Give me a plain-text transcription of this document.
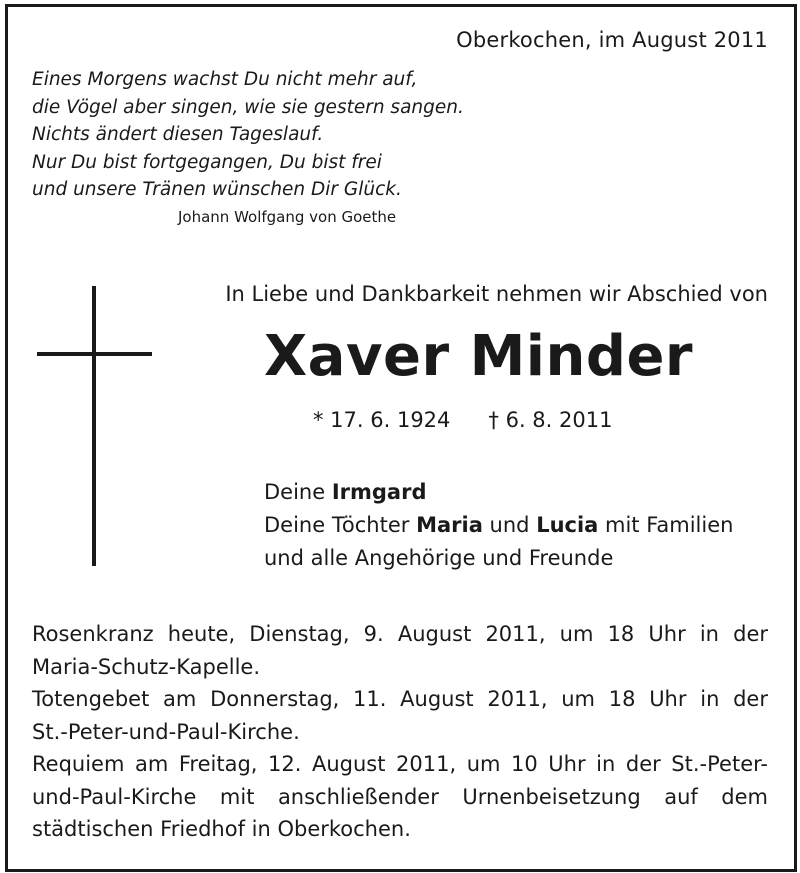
Oberkochen, im August 2011
Eines Morgens wachst Du nicht mehr auf,
die Vögel aber singen, wie sie gestern sangen.
Nichts ändert diesen Tageslauf.
Nur Du bist fortgegangen, Du bist frei
und unsere Tränen wünschen Dir Glück.
Johann Wolfgang von Goethe
In Liebe und Dankbarkeit nehmen wir Abschied von
Xaver Minder
* 17. 6. 1924 † 6. 8. 2011
Deine Irmgard
Deine Töchter Maria und Lucia mit Familien
und alle Angehörige und Freunde
Rosenkranz heute, Dienstag, 9. August 2011, um 18 Uhr in der
Maria-Schutz-Kapelle.
Totengebet am Donnerstag, 11. August 2011, um 18 Uhr in der
St.-Peter-und-Paul-Kirche.
Requiem am Freitag, 12. August 2011, um 10 Uhr in der St.-Peter-
und-Paul-Kirche mit anschließender Urnenbeisetzung auf dem
städtischen Friedhof in Oberkochen.
